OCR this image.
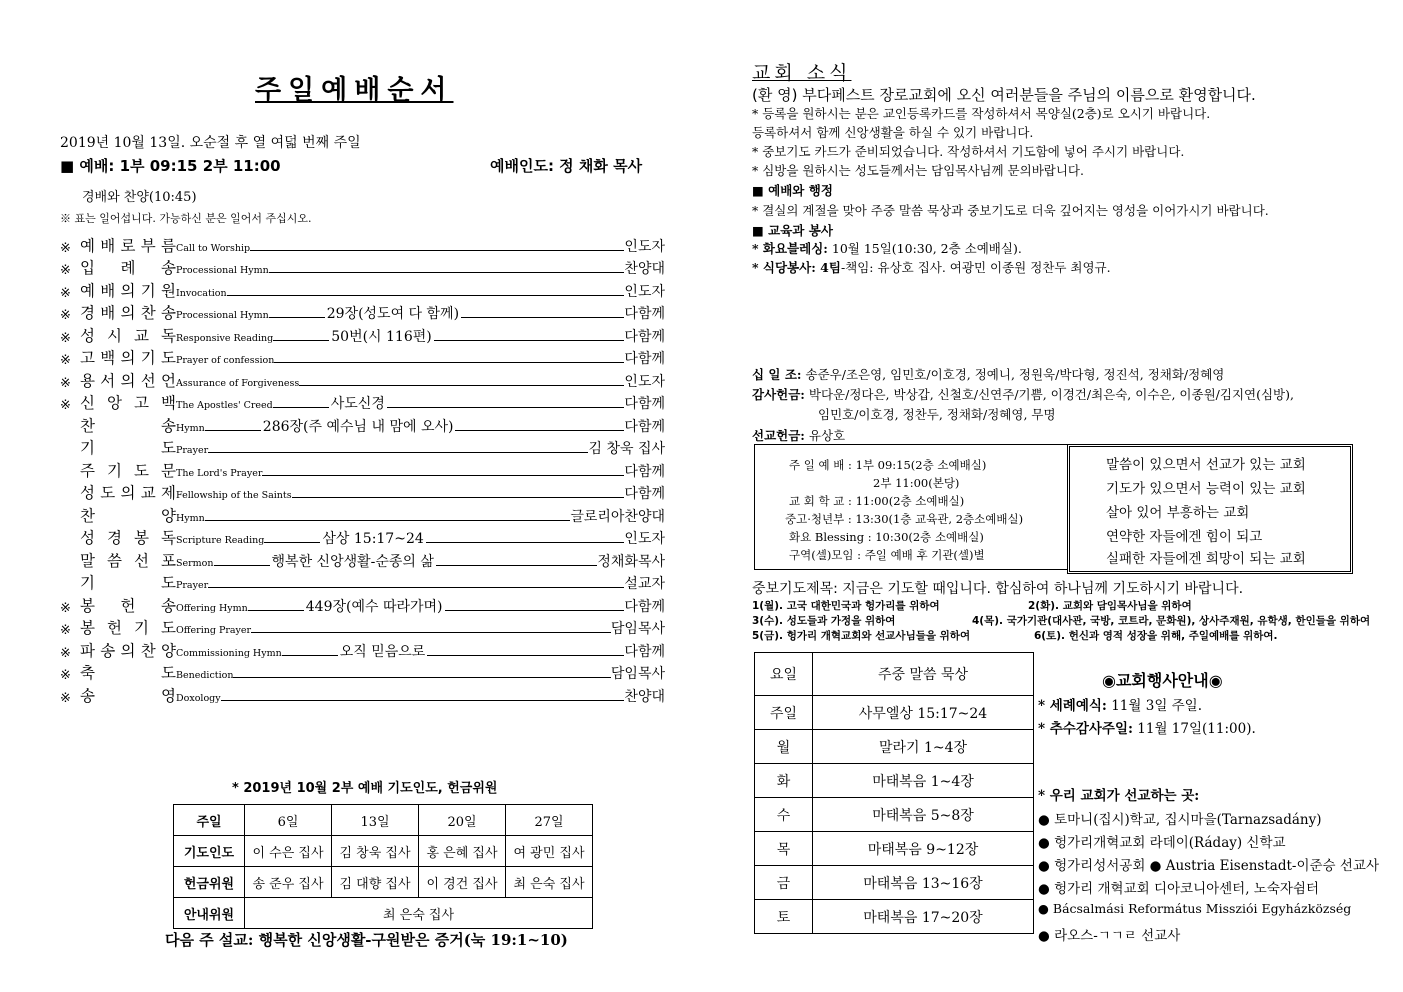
주일예배순서
2019년 10월 13일. 오순절 후 열 여덟 번째 주일
■ 예배: 1부 09:15 2부 11:00	예배인도: 정 채화 목사
경배와 찬양(10:45)
※ 표는 일어섭니다. 가능하신 분은 일어서 주십시오.
※ 예 배 로 부 름 Call to Worship	인도자
※ 입 례 송 Processional Hymn	찬양대
※ 예 배 의 기 원 Invocation	인도자
※ 경 배 의 찬 송 Processional Hymn	29장(성도여 다 함께)	다함께
※ 성 시 교 독 Responsive Reading	50번(시 116편)	다함께
※ 고 백 의 기 도 Prayer of confession	다함께
※ 용 서 의 선 언 Assurance of Forgiveness	인도자
※ 신 앙 고 백 The Apostles' Creed	사도신경	다함께
찬	송 Hymn	286장(주 예수님 내 맘에 오사)	다함께
기	도 Prayer	김 창욱 집사
주 기 도 문 The Lord's Prayer	다함께
성 도 의 교 제 Fellowship of the Saints	다함께
찬	양 Hymn	글로리아찬양대
성 경 봉 독 Scripture Reading	삼상 15:17~24	인도자
말 씀 선 포 Sermon	행복한 신앙생활-순종의 삶	정채화목사
기	도 Prayer	설교자
※ 봉 헌 송 Offering Hymn	449장(예수 따라가며)	다함께
※ 봉 헌 기 도 Offering Prayer	담임목사
※ 파 송 의 찬 양 Commissioning Hymn	오직 믿음으로	다함께
※ 축	도 Benediction	담임목사
※ 송	영 Doxology	찬양대
* 2019년 10월 2부 예배 기도인도, 헌금위원
주일	6일	13일	20일	27일
기도인도	이 수은 집사	김 창욱 집사	홍 은혜 집사	여 광민 집사
헌금위원	송 준우 집사	김 대향 집사	이 경건 집사	최 은숙 집사
안내위원	최 은숙 집사			
다음 주 설교: 행복한 신앙생활-구원받은 증거(눅 19:1~10)
교회 소식
(환 영) 부다페스트 장로교회에 오신 여러분들을 주님의 이름으로 환영합니다.
* 등록을 원하시는 분은 교인등록카드를 작성하셔서 목양실(2층)로 오시기 바랍니다.
등록하셔서 함께 신앙생활을 하실 수 있기 바랍니다.
* 중보기도 카드가 준비되었습니다. 작성하셔서 기도함에 넣어 주시기 바랍니다.
* 심방을 원하시는 성도들께서는 담임목사님께 문의바랍니다.
■ 예배와 행정
* 결실의 계절을 맞아 주중 말씀 묵상과 중보기도로 더욱 깊어지는 영성을 이어가시기 바랍니다.
■ 교육과 봉사
* 화요블레싱: 10월 15일(10:30, 2층 소예배실).
* 식당봉사: 4팀-책임: 유상호 집사. 여광민 이종원 정찬두 최영규.
십 일 조: 송준우/조은영, 임민호/이호경, 정예니, 정원욱/박다형, 정진석, 정채화/정혜영
감사헌금: 박다운/정다은, 박상갑, 신철호/신연주/기쁨, 이경건/최은숙, 이수은, 이종원/김지연(심방),
임민호/이호경, 정찬두, 정채화/정혜영, 무명
선교헌금: 유상호
주 일 예 배 : 1부 09:15(2층 소예배실)
2부 11:00(본당)
교 회 학 교 : 11:00(2층 소예배실)
중고·청년부 : 13:30(1층 교육관, 2층소예배실)
화요 Blessing : 10:30(2층 소예배실)
구역(셀)모임 : 주일 예배 후 기관(셀)별
말씀이 있으면서 선교가 있는 교회
기도가 있으면서 능력이 있는 교회
살아 있어 부흥하는 교회
연약한 자들에겐 힘이 되고
실패한 자들에겐 희망이 되는 교회
중보기도제목: 지금은 기도할 때입니다. 합심하여 하나님께 기도하시기 바랍니다.
1(월). 고국 대한민국과 헝가리를 위하여	2(화). 교회와 담임목사님을 위하여
3(수). 성도들과 가정을 위하여	4(목). 국가기관(대사관, 국방, 코트라, 문화원), 상사주재원, 유학생, 한인들을 위하여
5(금). 헝가리 개혁교회와 선교사님들을 위하여	6(토). 헌신과 영적 성장을 위해, 주일예배를 위하여.
요일	주중 말씀 묵상
주일	사무엘상 15:17~24
월	말라기 1~4장
화	마태복음 1~4장
수	마태복음 5~8장
목	마태복음 9~12장
금	마태복음 13~16장
토	마태복음 17~20장
◉교회행사안내◉
* 세례예식: 11월 3일 주일.
* 추수감사주일: 11월 17일(11:00).
* 우리 교회가 선교하는 곳:
● 토마니(집시)학교, 집시마을(Tarnazsadány)
● 헝가리개혁교회 라데이(Ráday) 신학교
● 헝가리성서공회 ● Austria Eisenstadt-이준승 선교사
● 헝가리 개혁교회 디아코니아센터, 노숙자쉼터
● Bácsalmási Református Missziói Egyházközség
● 라오스-ㄱㄱㄹ 선교사
